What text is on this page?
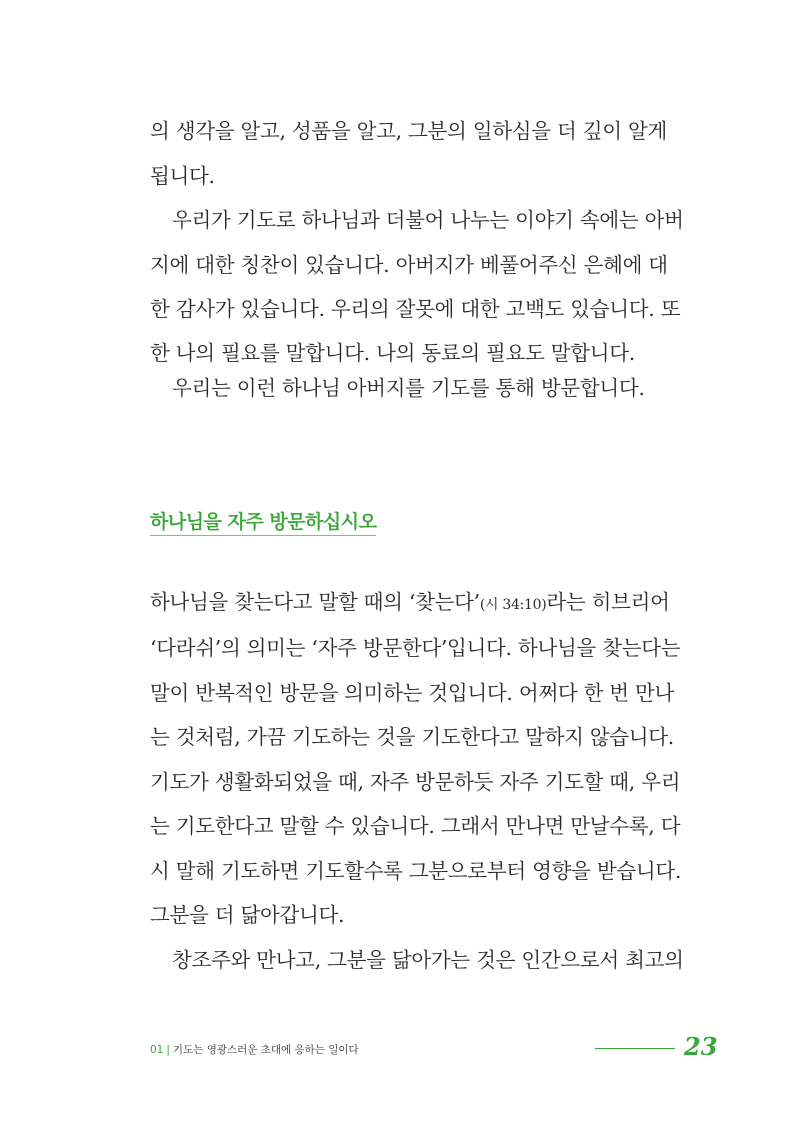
의 생각을 알고, 성품을 알고, 그분의 일하심을 더 깊이 알게
됩니다.
우리가 기도로 하나님과 더불어 나누는 이야기 속에는 아버
지에 대한 칭찬이 있습니다. 아버지가 베풀어주신 은혜에 대
한 감사가 있습니다. 우리의 잘못에 대한 고백도 있습니다. 또
한 나의 필요를 말합니다. 나의 동료의 필요도 말합니다.
우리는 이런 하나님 아버지를 기도를 통해 방문합니다.
하나님을 자주 방문하십시오
하나님을 찾는다고 말할 때의 ‘찾는다’(시 34:10)라는 히브리어
‘다라쉬’의 의미는 ‘자주 방문한다’입니다. 하나님을 찾는다는
말이 반복적인 방문을 의미하는 것입니다. 어쩌다 한 번 만나
는 것처럼, 가끔 기도하는 것을 기도한다고 말하지 않습니다.
기도가 생활화되었을 때, 자주 방문하듯 자주 기도할 때, 우리
는 기도한다고 말할 수 있습니다. 그래서 만나면 만날수록, 다
시 말해 기도하면 기도할수록 그분으로부터 영향을 받습니다.
그분을 더 닮아갑니다.
창조주와 만나고, 그분을 닮아가는 것은 인간으로서 최고의
01 | 기도는 영광스러운 초대에 응하는 일이다	23
